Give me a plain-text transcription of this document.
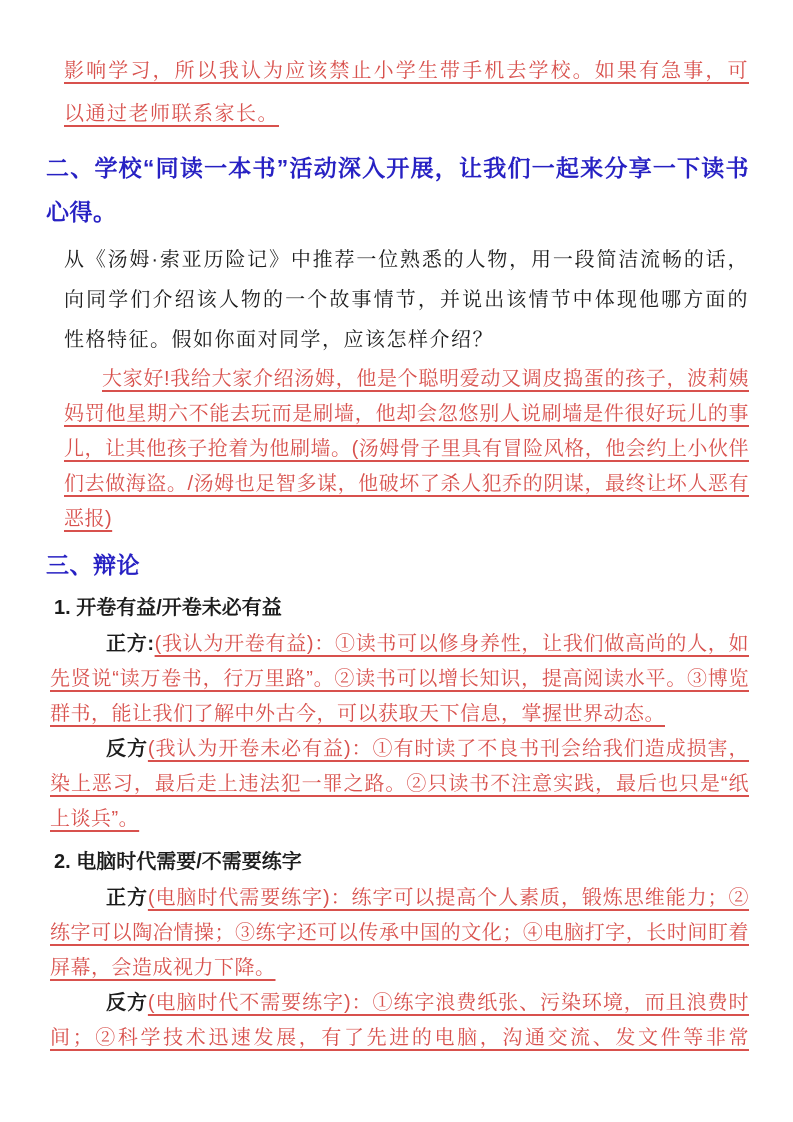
影响学习，所以我认为应该禁止小学生带手机去学校。如果有急事，可以通过老师联系家长。

二、学校“同读一本书”活动深入开展，让我们一起来分享一下读书心得。

从《汤姆·索亚历险记》中推荐一位熟悉的人物，用一段简洁流畅的话，向同学们介绍该人物的一个故事情节，并说出该情节中体现他哪方面的性格特征。假如你面对同学，应该怎样介绍？

大家好!我给大家介绍汤姆，他是个聪明爱动又调皮捣蛋的孩子，波莉姨妈罚他星期六不能去玩而是刷墙，他却会忽悠别人说刷墙是件很好玩儿的事儿，让其他孩子抢着为他刷墙。(汤姆骨子里具有冒险风格，他会约上小伙伴们去做海盗。/汤姆也足智多谋，他破坏了杀人犯乔的阴谋，最终让坏人恶有恶报)

三、辩论

1. 开卷有益/开卷未必有益

正方:(我认为开卷有益)：①读书可以修身养性，让我们做高尚的人，如先贤说“读万卷书，行万里路”。②读书可以增长知识，提高阅读水平。③博览群书，能让我们了解中外古今，可以获取天下信息，掌握世界动态。

反方(我认为开卷未必有益)：①有时读了不良书刊会给我们造成损害，染上恶习，最后走上违法犯一罪之路。②只读书不注意实践，最后也只是“纸上谈兵”。

2. 电脑时代需要/不需要练字

正方(电脑时代需要练字)：练字可以提高个人素质，锻炼思维能力；②练字可以陶冶情操；③练字还可以传承中国的文化；④电脑打字，长时间盯着屏幕，会造成视力下降。

反方(电脑时代不需要练字)：①练字浪费纸张、污染环境，而且浪费时间；②科学技术迅速发展，有了先进的电脑，沟通交流、发文件等非常
